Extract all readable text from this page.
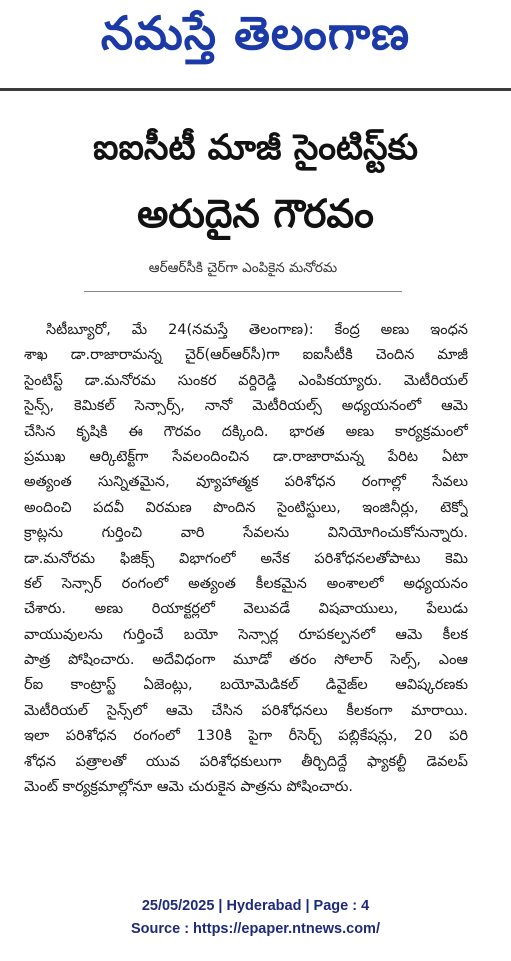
నమస్తే తెలంగాణ
ఐఐసీటీ మాజీ సైంటిస్ట్‌కు
అరుదైన గౌరవం
ఆర్‌ఆర్‌సీకి చైర్‌గా ఎంపికైన మనోరమ
సిటీబ్యూరో, మే 24(నమస్తే తెలంగాణ): కేంద్ర అణు ఇంధన
శాఖ డా.రాజారామన్న చైర్‌(ఆర్‌ఆర్‌సీ)గా ఐఐసీటీకి చెందిన మాజీ
సైంటిస్ట్‌ డా.మనోరమ సుంకర వర్దిరెడ్డి ఎంపికయ్యారు. మెటీరియల్‌
సైన్స్‌, కెమికల్‌ సెన్సార్స్‌, నానో మెటీరియల్స్‌ అధ్యయనంలో ఆమె
చేసిన కృషికి ఈ గౌరవం దక్కింది. భారత అణు కార్యక్రమంలో
ప్రముఖ ఆర్కిటెక్ట్‌గా సేవలందించిన డా.రాజారామన్న పేరిట ఏటా
అత్యంత సున్నితమైన, వ్యూహాత్మక పరిశోధన రంగాల్లో సేవలు
అందించి పదవీ విరమణ పొందిన సైంటిస్టులు, ఇంజినీర్లు, టెక్నో
క్రాట్లను గుర్తించి వారి సేవలను వినియోగించుకోనున్నారు.
డా.మనోరమ ఫిజిక్స్‌ విభాగంలో అనేక పరిశోధనలతోపాటు కెమి
కల్‌ సెన్సార్‌ రంగంలో అత్యంత కీలకమైన అంశాలలో అధ్యయనం
చేశారు. అణు రియాక్టర్లలో వెలువడే విషవాయులు, పేలుడు
వాయువులను గుర్తించే బయో సెన్సార్ల రూపకల్పనలో ఆమె కీలక
పాత్ర పోషించారు. అదేవిధంగా మూడో తరం సోలార్‌ సెల్స్‌, ఎంఆ
ర్‌ఐ కాంట్రాస్ట్‌ ఏజెంట్లు, బయోమెడికల్‌ డివైజ్‌ల ఆవిష్కరణకు
మెటీరియల్‌ సైన్స్‌లో ఆమె చేసిన పరిశోధనలు కీలకంగా మారాయి.
ఇలా పరిశోధన రంగంలో 130కి పైగా రీసెర్చ్‌ పబ్లికేషన్లు, 20 పరి
శోధన పత్రాలతో యువ పరిశోధకులుగా తీర్చిదిద్దే ఫ్యాకల్టీ డెవలప్‌
మెంట్‌ కార్యక్రమాల్లోనూ ఆమె చురుకైన పాత్రను పోషించారు.
25/05/2025 | Hyderabad | Page : 4
Source : https://epaper.ntnews.com/
